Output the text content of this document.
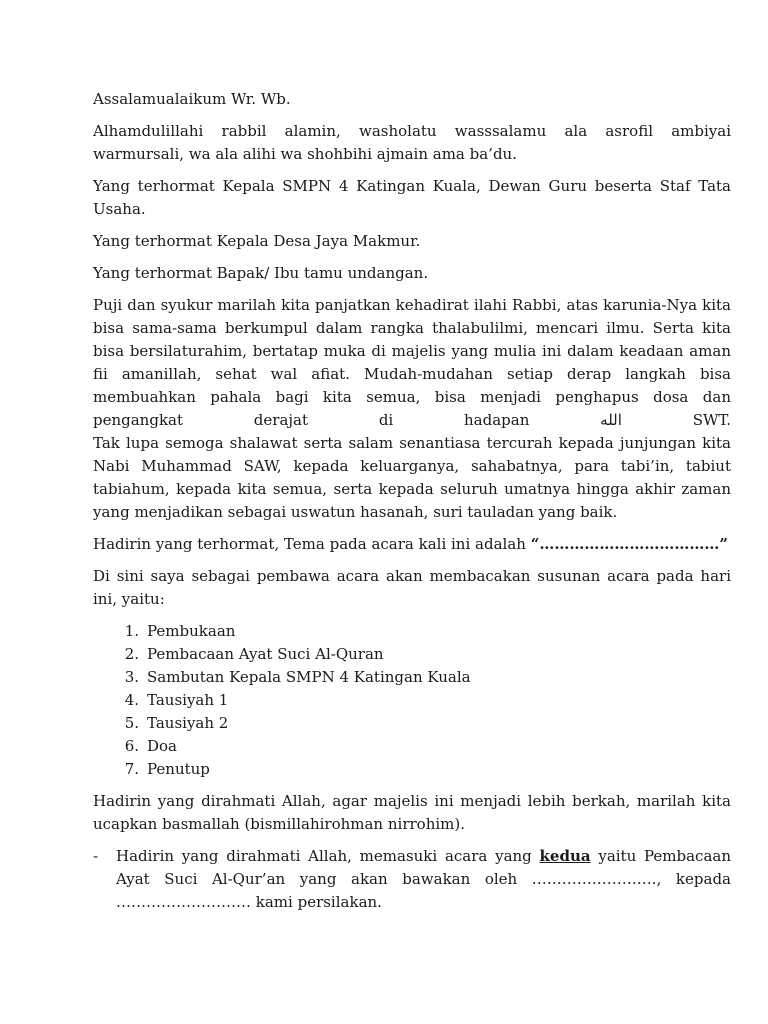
Assalamualaikum Wr. Wb.

Alhamdulillahi rabbil alamin, washolatu wasssalamu ala asrofil ambiyai warmursali, wa ala alihi wa shohbihi ajmain ama ba’du.

Yang terhormat Kepala SMPN 4 Katingan Kuala, Dewan Guru beserta Staf Tata Usaha.

Yang terhormat Kepala Desa Jaya Makmur.

Yang terhormat Bapak/ Ibu tamu undangan.

Puji dan syukur marilah kita panjatkan kehadirat ilahi Rabbi, atas karunia-Nya kita bisa sama-sama berkumpul dalam rangka thalabulilmi, mencari ilmu. Serta kita bisa bersilaturahim, bertatap muka di majelis yang mulia ini dalam keadaan aman fii amanillah, sehat wal afiat. Mudah-mudahan setiap derap langkah bisa membuahkan pahala bagi kita semua, bisa menjadi penghapus dosa dan pengangkat derajat di hadapan	الله	SWT.

Tak lupa semoga shalawat serta salam senantiasa tercurah kepada junjungan kita Nabi Muhammad SAW, kepada keluarganya, sahabatnya, para tabi’in, tabiut tabiahum, kepada kita semua, serta kepada seluruh umatnya hingga akhir zaman yang menjadikan sebagai uswatun hasanah, suri tauladan yang baik.

Hadirin yang terhormat, Tema pada acara kali ini adalah “………………………………”

Di sini saya sebagai pembawa acara akan membacakan susunan acara pada hari ini, yaitu:

1. Pembukaan
2. Pembacaan Ayat Suci Al-Quran
3. Sambutan Kepala SMPN 4 Katingan Kuala
4. Tausiyah 1
5. Tausiyah 2
6. Doa
7. Penutup

Hadirin yang dirahmati Allah, agar majelis ini menjadi lebih berkah, marilah kita ucapkan basmallah (bismillahirohman nirrohim).

-	Hadirin yang dirahmati Allah, memasuki acara yang kedua yaitu Pembacaan Ayat Suci Al-Qur’an yang akan bawakan oleh ……………………., kepada ……………………… kami persilakan.
